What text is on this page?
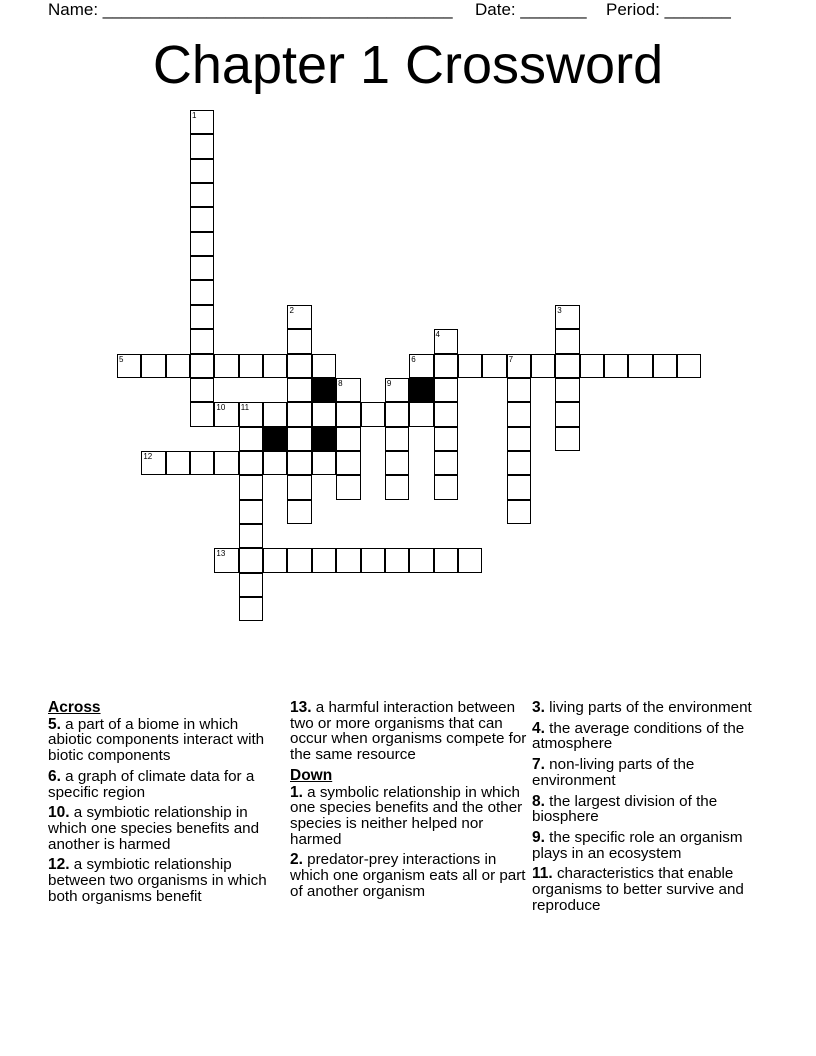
Name: _____________________________________ Date: _______ Period: _______
Chapter 1 Crossword
1
2	3
4
5	6	7
8	9
10 11
12
13
Across
5. a part of a biome in which abiotic components interact with biotic components
6. a graph of climate data for a specific region
10. a symbiotic relationship in which one species benefits and another is harmed
12. a symbiotic relationship between two organisms in which both organisms benefit
13. a harmful interaction between two or more organisms that can occur when organisms compete for the same resource
Down
1. a symbolic relationship in which one species benefits and the other species is neither helped nor harmed
2. predator-prey interactions in which one organism eats all or part of another organism
3. living parts of the environment
4. the average conditions of the atmosphere
7. non-living parts of the environment
8. the largest division of the biosphere
9. the specific role an organism plays in an ecosystem
11. characteristics that enable organisms to better survive and reproduce
